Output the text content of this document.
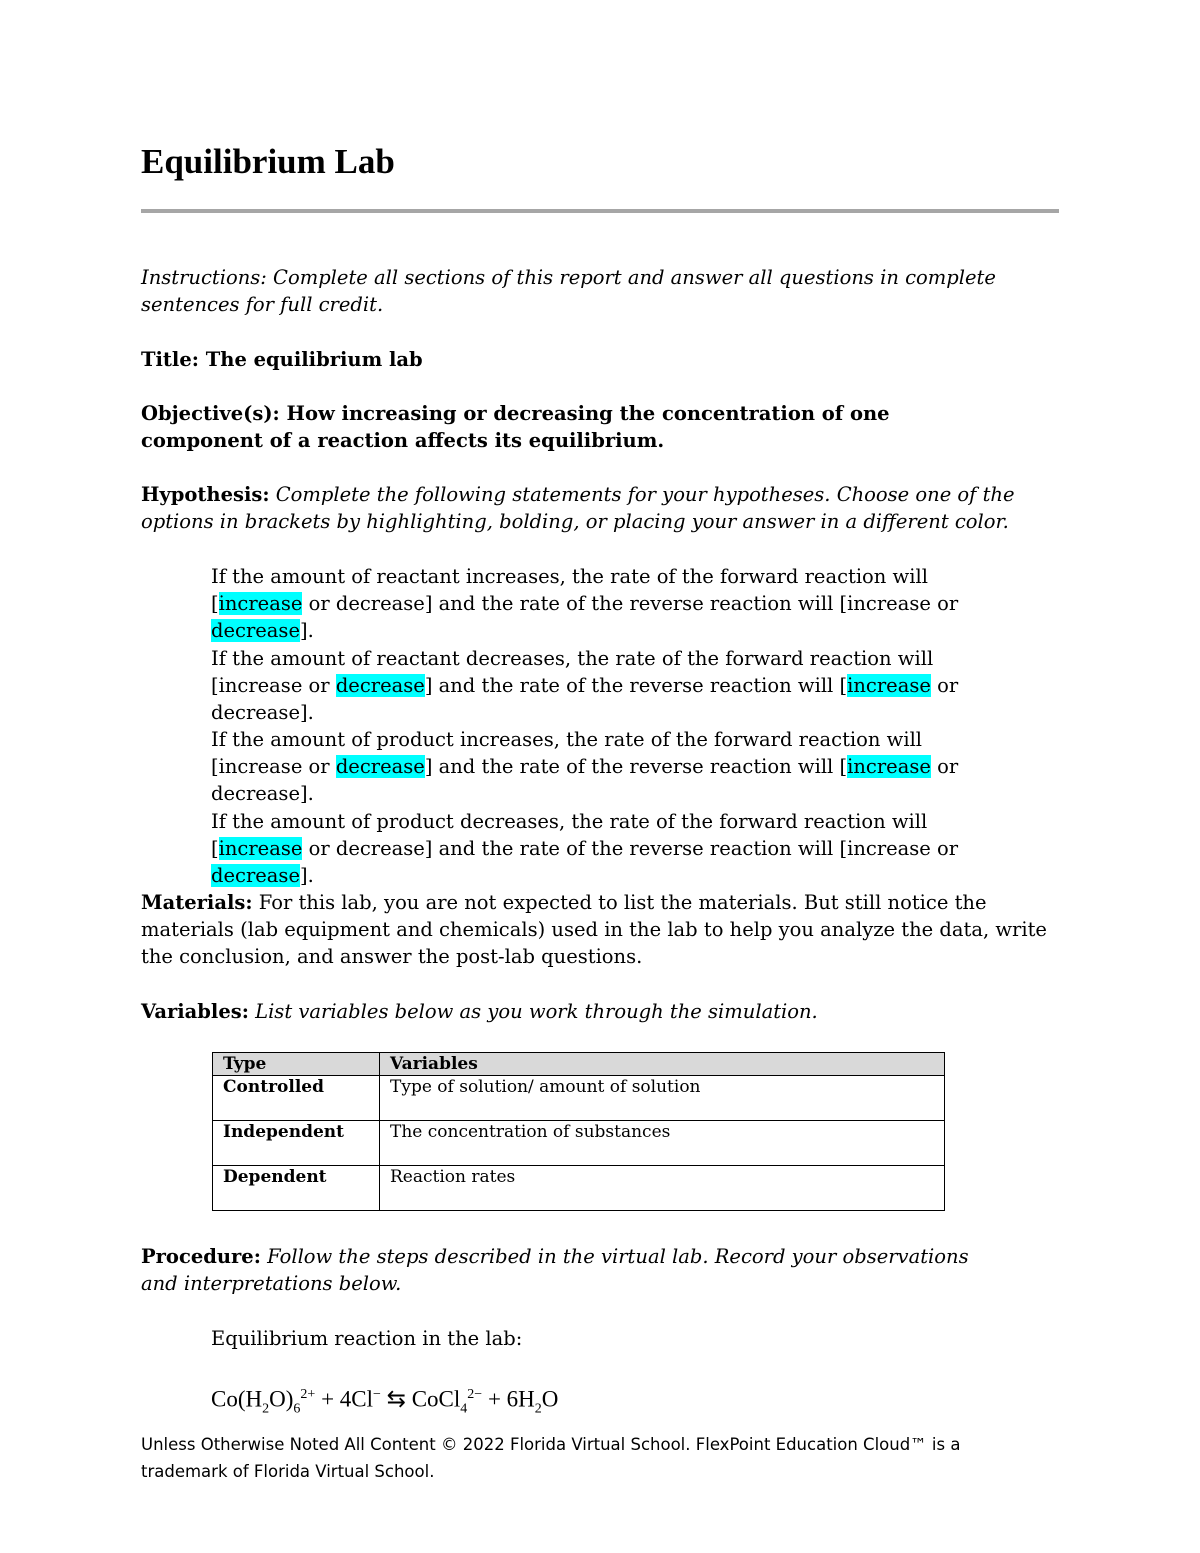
Equilibrium Lab
Instructions: Complete all sections of this report and answer all questions in complete sentences for full credit.
Title: The equilibrium lab
Objective(s): How increasing or decreasing the concentration of one component of a reaction affects its equilibrium.
Hypothesis: Complete the following statements for your hypotheses. Choose one of the options in brackets by highlighting, bolding, or placing your answer in a different color.
If the amount of reactant increases, the rate of the forward reaction will [increase or decrease] and the rate of the reverse reaction will [increase or decrease].
If the amount of reactant decreases, the rate of the forward reaction will [increase or decrease] and the rate of the reverse reaction will [increase or decrease].
If the amount of product increases, the rate of the forward reaction will [increase or decrease] and the rate of the reverse reaction will [increase or decrease].
If the amount of product decreases, the rate of the forward reaction will [increase or decrease] and the rate of the reverse reaction will [increase or decrease].
Materials: For this lab, you are not expected to list the materials. But still notice the materials (lab equipment and chemicals) used in the lab to help you analyze the data, write the conclusion, and answer the post-lab questions.
Variables: List variables below as you work through the simulation.
Type	Variables
Controlled	Type of solution/ amount of solution
Independent	The concentration of substances
Dependent	Reaction rates
Procedure: Follow the steps described in the virtual lab. Record your observations and interpretations below.
Equilibrium reaction in the lab:
$Co(H_2O)_6^{2+} + 4Cl^-$ ⇆ CoCl$_4^{2-}$ + $6H_2O$
Unless Otherwise Noted All Content © 2022 Florida Virtual School. FlexPoint Education Cloud™ is a trademark of Florida Virtual School.
